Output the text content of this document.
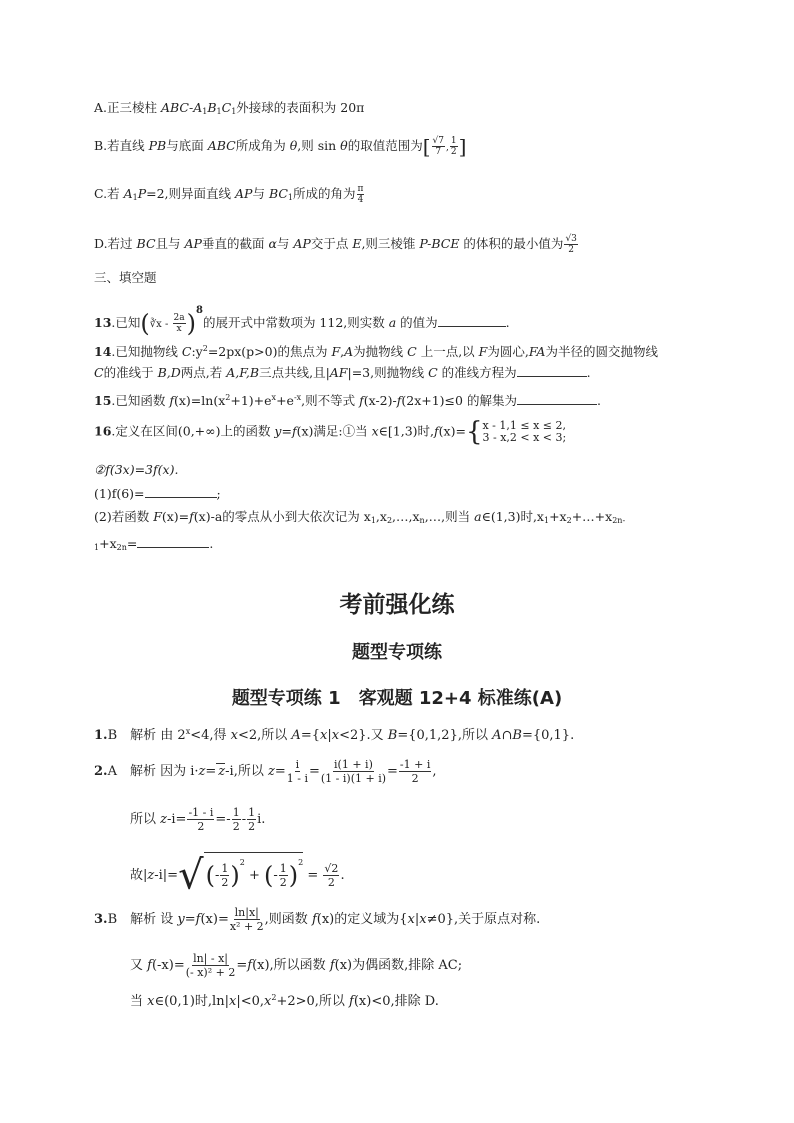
A.正三棱柱 ABC-$A_1B_1C_1$外接球的表面积为 20π
B.若直线 PB与底面 ABC所成角为 θ,则 sin θ的取值范围为[ $\frac{√7}{7}$ , $\frac{1}{2}$ ]
C.若 $A_1P=2$,则异面直线 AP与 $BC_1$所成的角为 $\frac{\pi}{4}$
D.若过 BC且与 AP垂直的截面 α与 AP交于点 E,则三棱锥 P-BCE 的体积的最小值为 $\frac{√3}{2}$
三、填空题
13.已知(∛x - $\frac{2a}{x} )^8$的展开式中常数项为 112,则实数 a 的值为	.
14.已知抛物线 $C:y^2=2px(p>0)$的焦点为 F,A为抛物线 C 上一点,以 F为圆心,FA为半径的圆交抛物线
C的准线于 B,D两点,若 A,F,B三点共线,且|AF|=3,则抛物线 C 的准线方程为	.
15.已知函数 $f(x)=\ln(x^2+1)+e^x+e^{-x}$,则不等式 f(x-2)-f(2x+1)≤0 的解集为	.
16.定义在区间(0,+∞)上的函数 y=f(x)满足:①当 x∈[1,3)时,f(x)={ x - 1,1 ≤ x ≤ 2,
3 - x,2 < x < 3;
②f(3x)=3f(x).
(1)f(6)=	;
(2)若函数 F(x)=f(x)-a的零点从小到大依次记为 $x_1,x_2,\dots,x_n,\dots$,则当 a∈(1,3)时$,x_1+x_2+\dots+x_{2n-}$
$_1+x_{2n}=$	.
考前强化练
题型专项练
题型专项练 1　客观题 12+4 标准练(A)
1.B　解析 由 $2^x<4$,得 x<2,所以 A={x|x<2}.又 B={0,1,2},所以 A∩B={0,1}.
2.A　解析 因为 i·z= z-i,所以 $z= \frac{i}{1 - i} = \frac{i(1 + i)}{(1 - i)(1 + i)} = \frac{-1 + i}{2}$ ,
所以 $z-i= \frac{-1 - i}{2} =- \frac{1}{2} - \frac{1}{2} i$.
故$|z-i|=√(- \frac{1}{2} )^2$ + (- $\frac{1}{2} )^2 = \frac{√2}{2}$ .
3.B　解析 设 $y=f(x)= \frac{\ln|x|}{\text{x² + 2}}$ ,则函数 f(x)的定义域为{x|x≠0},关于原点对称.
又 $f(-x)= \frac{\ln| - x|}{\text{(- x)² + 2}} =f(x)$,所以函数 f(x)为偶函数,排除 AC;
当 x∈(0,1)时$,\ln|x|<0,x^2+2>0$,所以 f(x)<0,排除 D.
